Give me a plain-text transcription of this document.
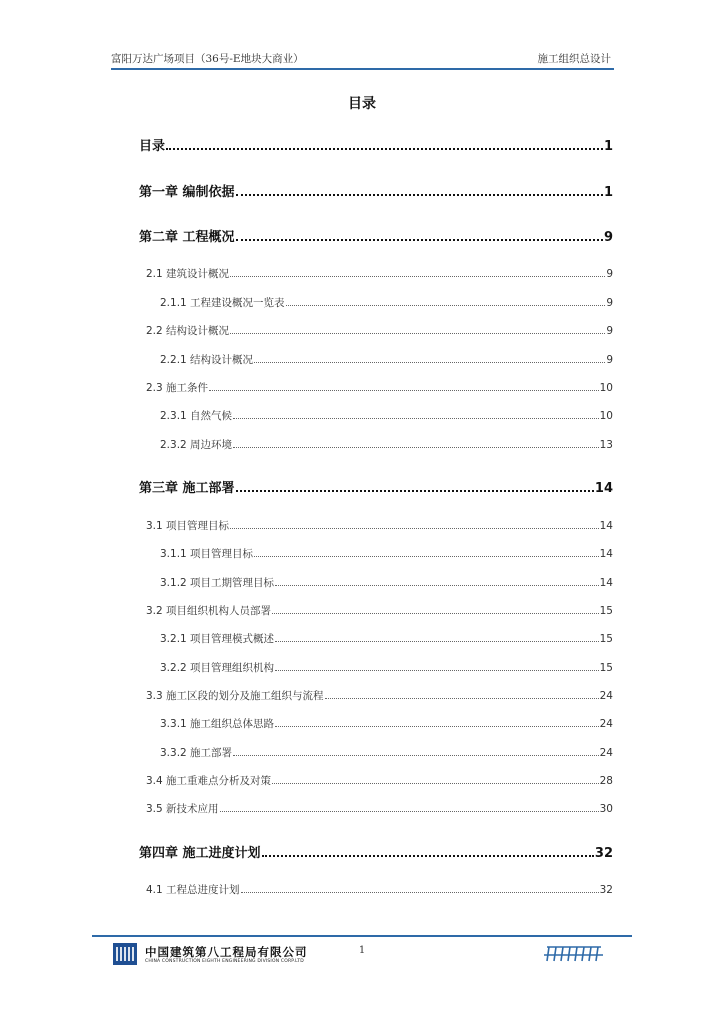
富阳万达广场项目（36号-E地块大商业）	施工组织总设计
目录
目录	1
第一章 编制依据	1
第二章 工程概况	9
2.1 建筑设计概况	9
2.1.1 工程建设概况一览表	9
2.2 结构设计概况	9
2.2.1 结构设计概况	9
2.3 施工条件	10
2.3.1 自然气候	10
2.3.2 周边环境	13
第三章 施工部署	14
3.1 项目管理目标	14
3.1.1 项目管理目标	14
3.1.2 项目工期管理目标	14
3.2 项目组织机构人员部署	15
3.2.1 项目管理模式概述	15
3.2.2 项目管理组织机构	15
3.3 施工区段的划分及施工组织与流程	24
3.3.1 施工组织总体思路	24
3.3.2 施工部署	24
3.4 施工重难点分析及对策	28
3.5 新技术应用	30
第四章 施工进度计划	32
4.1 工程总进度计划	32
中国建筑第八工程局有限公司
CHINA CONSTRUCTION EIGHTH ENGINEERING DIVISION CORP.LTD
1
